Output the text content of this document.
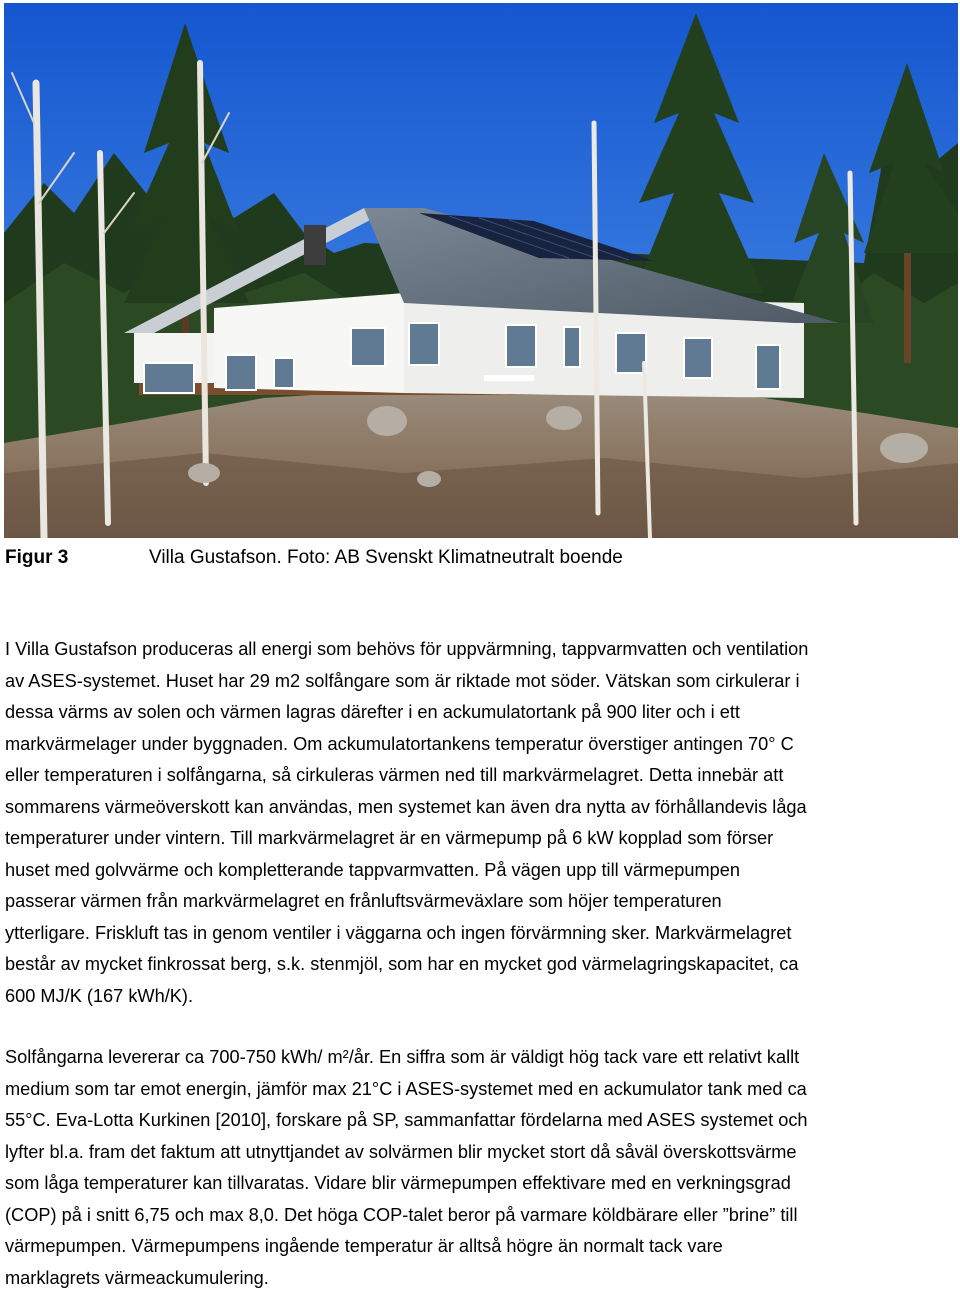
Figur 3	Villa Gustafson. Foto: AB Svenskt Klimatneutralt boende

I Villa Gustafson produceras all energi som behövs för uppvärmning, tappvarmvatten och ventilation
av ASES-systemet. Huset har 29 m2 solfångare som är riktade mot söder. Vätskan som cirkulerar i
dessa värms av solen och värmen lagras därefter i en ackumulatortank på 900 liter och i ett
markvärmelager under byggnaden. Om ackumulatortankens temperatur överstiger antingen 70° C
eller temperaturen i solfångarna, så cirkuleras värmen ned till markvärmelagret. Detta innebär att
sommarens värmeöverskott kan användas, men systemet kan även dra nytta av förhållandevis låga
temperaturer under vintern. Till markvärmelagret är en värmepump på 6 kW kopplad som förser
huset med golvvärme och kompletterande tappvarmvatten. På vägen upp till värmepumpen
passerar värmen från markvärmelagret en frånluftsvärmeväxlare som höjer temperaturen
ytterligare. Friskluft tas in genom ventiler i väggarna och ingen förvärmning sker. Markvärmelagret
består av mycket finkrossat berg, s.k. stenmjöl, som har en mycket god värmelagringskapacitet, ca
600 MJ/K (167 kWh/K).

Solfångarna levererar ca 700-750 kWh/ m²/år. En siffra som är väldigt hög tack vare ett relativt kallt
medium som tar emot energin, jämför max 21°C i ASES-systemet med en ackumulator tank med ca
55°C. Eva-Lotta Kurkinen [2010], forskare på SP, sammanfattar fördelarna med ASES systemet och
lyfter bl.a. fram det faktum att utnyttjandet av solvärmen blir mycket stort då såväl överskottsvärme
som låga temperaturer kan tillvaratas. Vidare blir värmepumpen effektivare med en verkningsgrad
(COP) på i snitt 6,75 och max 8,0. Det höga COP-talet beror på varmare köldbärare eller ”brine” till
värmepumpen. Värmepumpens ingående temperatur är alltså högre än normalt tack vare
marklagrets värmeackumulering.
